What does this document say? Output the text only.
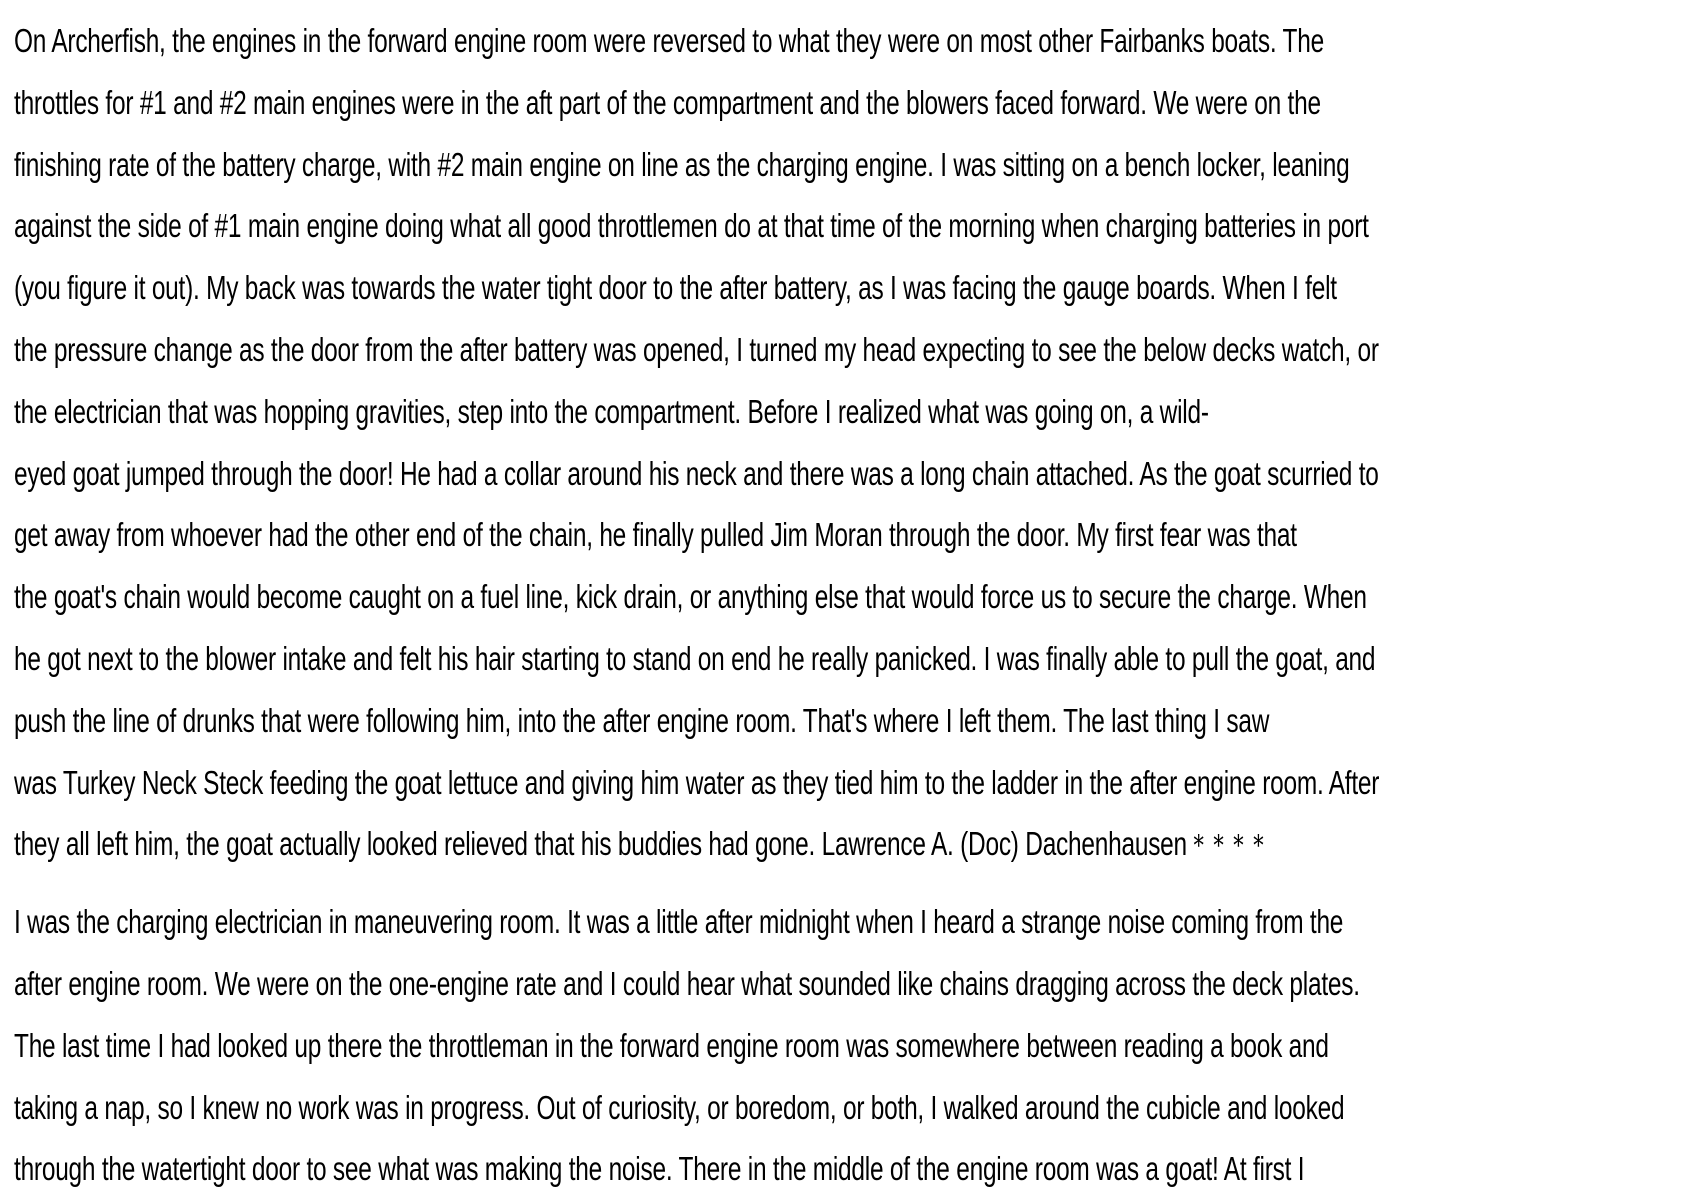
On Archerfish, the engines in the forward engine room were reversed to what they were on most other Fairbanks boats. The
throttles for #1 and #2 main engines were in the aft part of the compartment and the blowers faced forward. We were on the
finishing rate of the battery charge, with #2 main engine on line as the charging engine. I was sitting on a bench locker, leaning
against the side of #1 main engine doing what all good throttlemen do at that time of the morning when charging batteries in port
(you figure it out). My back was towards the water tight door to the after battery, as I was facing the gauge boards. When I felt
the pressure change as the door from the after battery was opened, I turned my head expecting to see the below decks watch, or
the electrician that was hopping gravities, step into the compartment. Before I realized what was going on, a wild-
eyed goat jumped through the door! He had a collar around his neck and there was a long chain attached. As the goat scurried to
get away from whoever had the other end of the chain, he finally pulled Jim Moran through the door. My first fear was that
the goat's chain would become caught on a fuel line, kick drain, or anything else that would force us to secure the charge. When
he got next to the blower intake and felt his hair starting to stand on end he really panicked. I was finally able to pull the goat, and
push the line of drunks that were following him, into the after engine room. That's where I left them. The last thing I saw
was Turkey Neck Steck feeding the goat lettuce and giving him water as they tied him to the ladder in the after engine room. After
they all left him, the goat actually looked relieved that his buddies had gone. Lawrence A. (Doc) Dachenhausen * * * *
I was the charging electrician in maneuvering room. It was a little after midnight when I heard a strange noise coming from the
after engine room. We were on the one-engine rate and I could hear what sounded like chains dragging across the deck plates.
The last time I had looked up there the throttleman in the forward engine room was somewhere between reading a book and
taking a nap, so I knew no work was in progress. Out of curiosity, or boredom, or both, I walked around the cubicle and looked
through the watertight door to see what was making the noise. There in the middle of the engine room was a goat! At first I
